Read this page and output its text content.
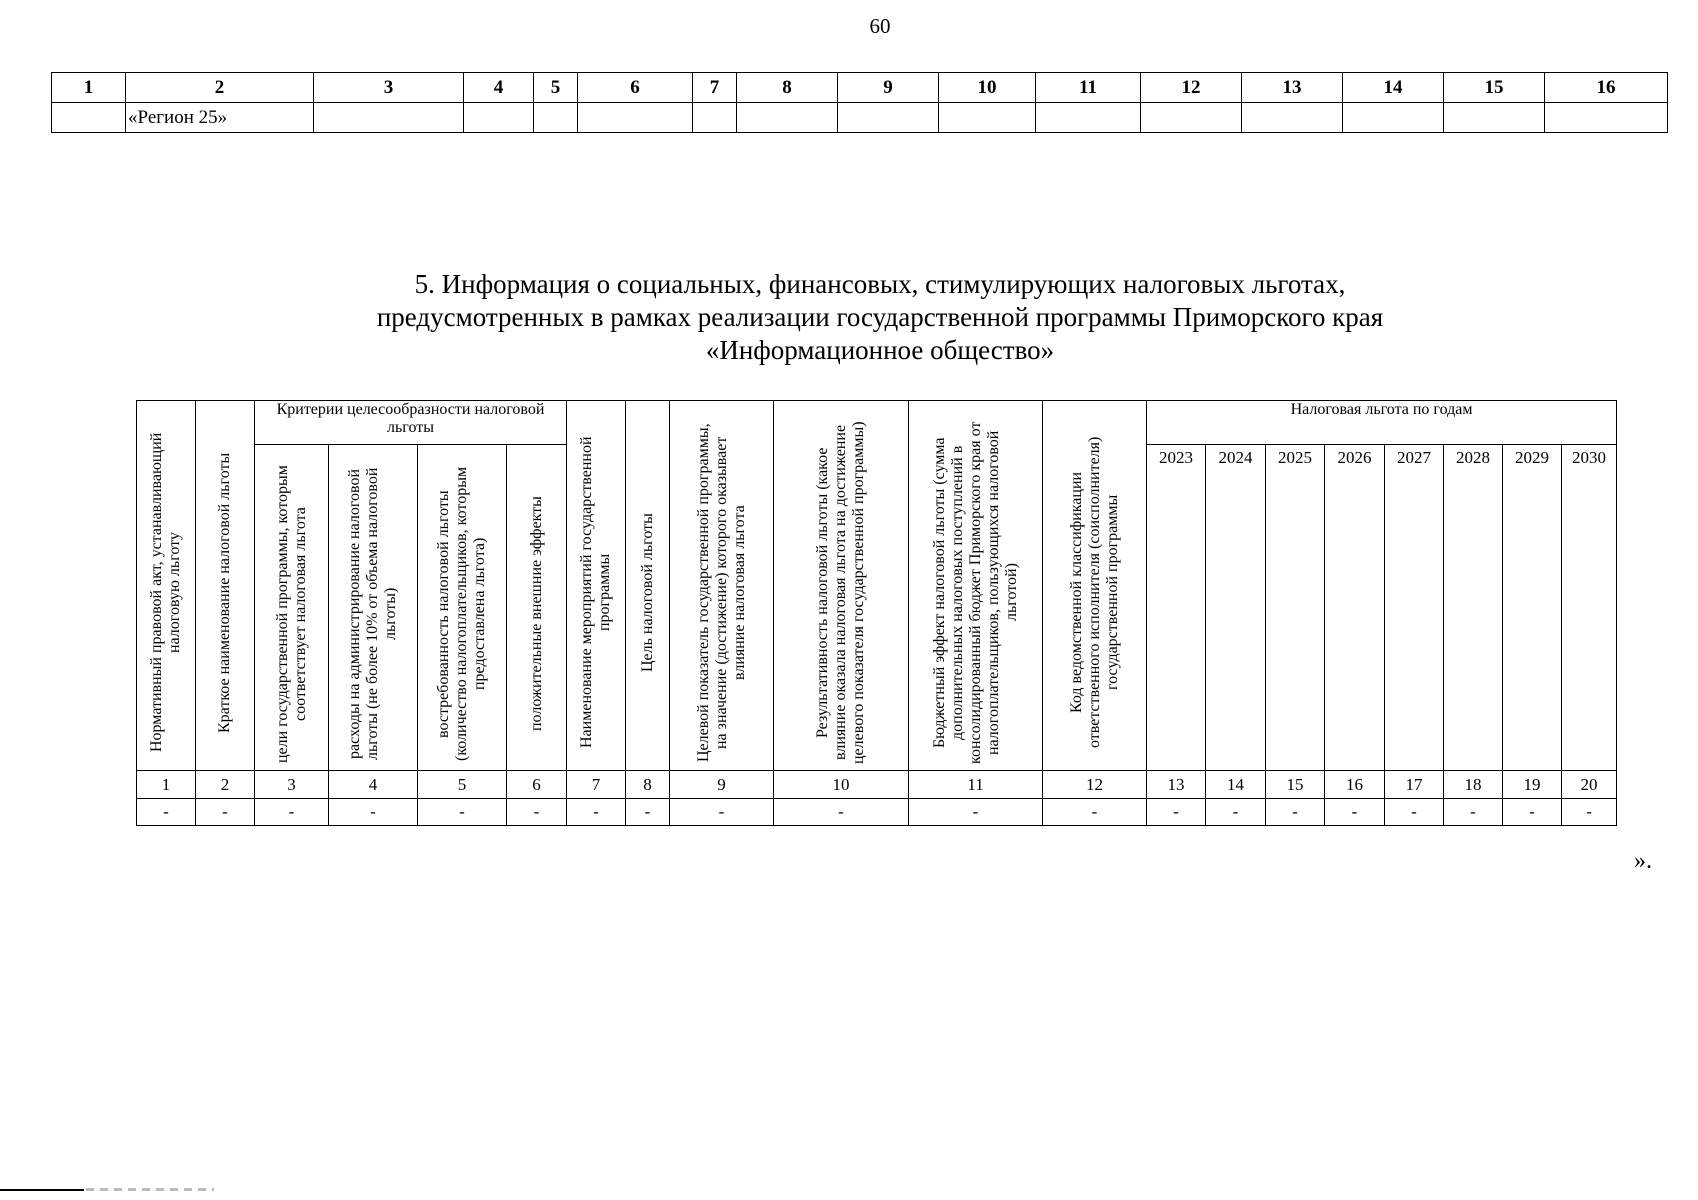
60
1	2	3	4	5	6	7	8	9	10	11	12	13	14	15	16
	«Регион 25»														
5. Информация о социальных, финансовых, стимулирующих налоговых льготах,
предусмотренных в рамках реализации государственной программы Приморского края
«Информационное общество»
Нормативный правовой акт, устанавливающий налоговую льготу	Краткое наименование налоговой льготы	Критерии целесообразности налоговой льготы				Наименование мероприятий государственной программы	Цель налоговой льготы	Целевой показатель государственной программы, на значение (достижение) которого оказывает влияние налоговая льгота	Результативность налоговой льготы (какое влияние оказала налоговая льгота на достижение целевого показателя государственной программы)	Бюджетный эффект налоговой льготы (сумма дополнительных налоговых поступлений в консолидированный бюджет Приморского края от налогоплательщиков, пользующихся налоговой льготой)	Код ведомственной классификации ответственного исполнителя (соисполнителя) государственной программы	Налоговая льгота по годам							

		цели государственной программы, которым соответствует налоговая льгота	расходы на администрирование налоговой льготы (не более 10% от объема налоговой льготы)	востребованность налоговой льготы (количество налогоплательщиков, которым предоставлена льгота)	положительные внешние эффекты							2023	2024	2025	2026	2027	2028	2029	2030
1	2	3	4	5	6	7	8	9	10	11	12	13	14	15	16	17	18	19	20
-	-	-	-	-	-	-	-	-	-	-	-	-	-	-	-	-	-	-	-
».
